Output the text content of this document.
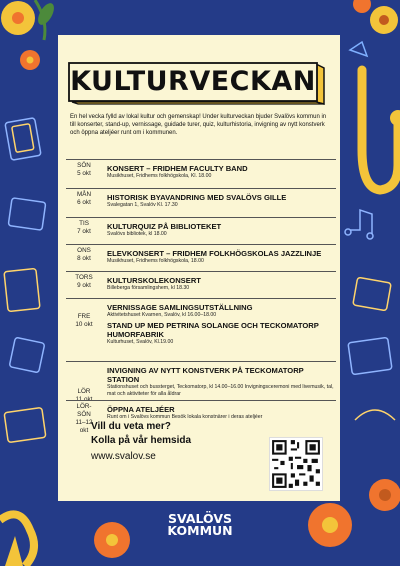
KULTURVECKAN
En hel vecka fylld av lokal kultur och gemenskap! Under kulturveckan bjuder Svalövs kommun in till konserter, stand-up, vernissage, guidade turer, quiz, kulturhistoria, invigning av nytt konstverk och öppna ateljéer runt om i kommunen.
SÖN
5 okt
KONSERT – FRIDHEM FACULTY BAND
Musikhuset, Fridhems folkhögskola, Kl. 18.00
MÅN
6 okt
HISTORISK BYAVANDRING MED SVALÖVS GILLE
Svalegatan 1, Svalöv Kl. 17.30
TIS
7 okt
KULTURQUIZ PÅ BIBLIOTEKET
Svalövs bibliotek, kl 18.00
ONS
8 okt
ELEVKONSERT – FRIDHEM FOLKHÖGSKOLAS JAZZLINJE
Musikhuset, Fridhems folkhögskola, 18.00
TORS
9 okt
KULTURSKOLEKONSERT
Billeberga församlingshem, kl 18.30
FRE
10 okt
VERNISSAGE SAMLINGSUTSTÄLLNING
Aktivitetshuset Kvarnen, Svalöv, kl 16.00–18.00
STAND UP MED PETRINA SOLANGE OCH TECKOMATORP HUMORFABRIK
Kulturhuset, Svalöv, Kl.19.00
LÖR
11 okt
INVIGNING AV NYTT KONSTVERK PÅ TECKOMATORP STATION
Stationshuset och bussterget, Teckomatorp, kl 14.00–16.00 Invigningsceremoni med livemusik, tal, mat och aktiviteter för alla åldrar
LÖR-
SÖN
11–12
okt
ÖPPNA ATELJÉER
Runt om i Svalövs kommun Besök lokala konstnärer i deras ateljéer
Vill du veta mer?
Kolla på vår hemsida
www.svalov.se
SVALÖVS
KOMMUN
